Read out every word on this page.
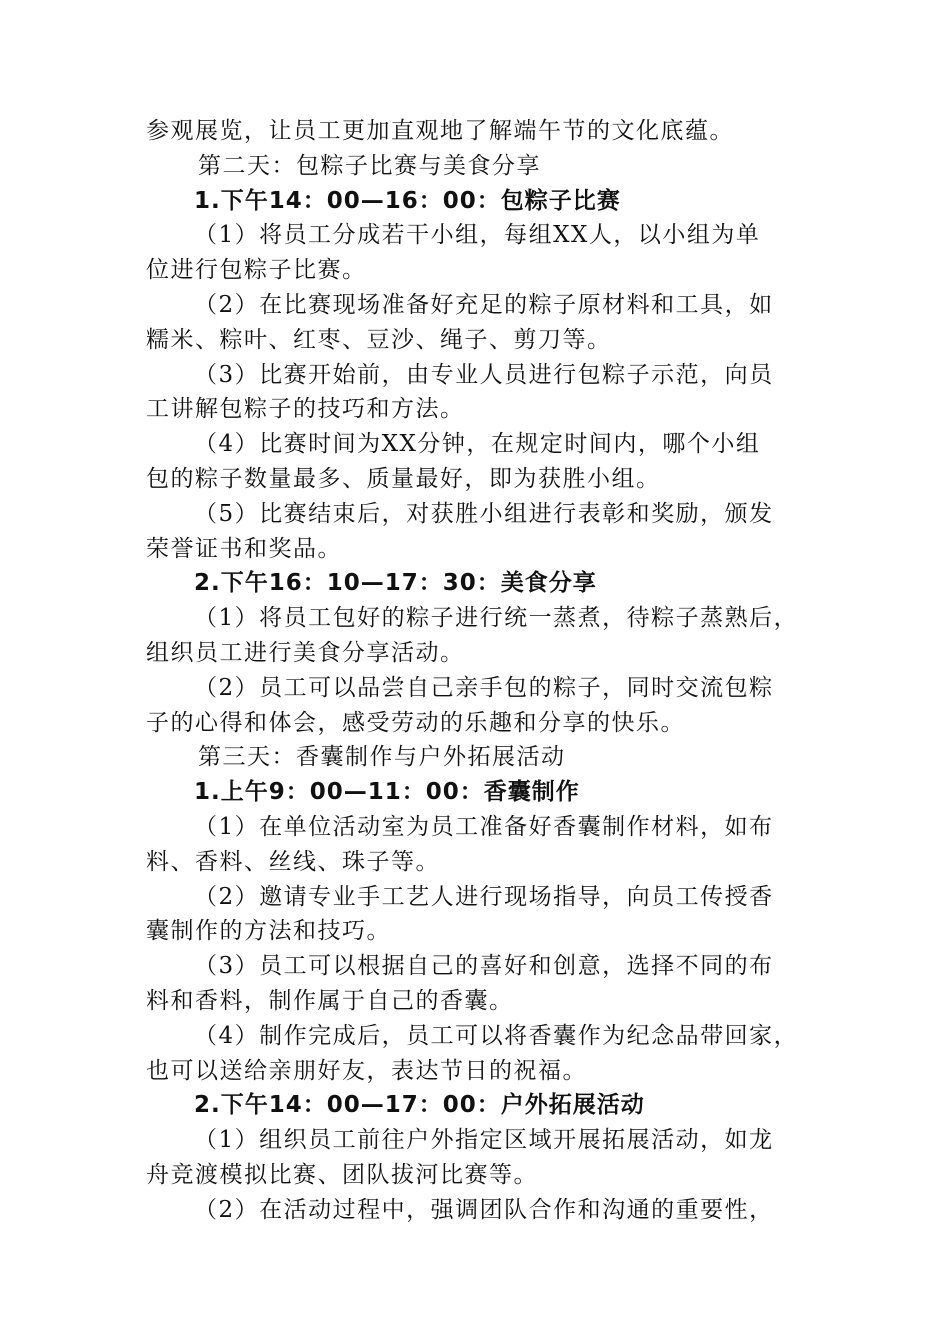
参观展览，让员工更加直观地了解端午节的文化底蕴。
第二天：包粽子比赛与美食分享
1.下午14：00—16：00：包粽子比赛
（1）将员工分成若干小组，每组XX人，以小组为单
位进行包粽子比赛。
（2）在比赛现场准备好充足的粽子原材料和工具，如
糯米、粽叶、红枣、豆沙、绳子、剪刀等。
（3）比赛开始前，由专业人员进行包粽子示范，向员
工讲解包粽子的技巧和方法。
（4）比赛时间为XX分钟，在规定时间内，哪个小组
包的粽子数量最多、质量最好，即为获胜小组。
（5）比赛结束后，对获胜小组进行表彰和奖励，颁发
荣誉证书和奖品。
2.下午16：10—17：30：美食分享
（1）将员工包好的粽子进行统一蒸煮，待粽子蒸熟后，
组织员工进行美食分享活动。
（2）员工可以品尝自己亲手包的粽子，同时交流包粽
子的心得和体会，感受劳动的乐趣和分享的快乐。
第三天：香囊制作与户外拓展活动
1.上午9：00—11：00：香囊制作
（1）在单位活动室为员工准备好香囊制作材料，如布
料、香料、丝线、珠子等。
（2）邀请专业手工艺人进行现场指导，向员工传授香
囊制作的方法和技巧。
（3）员工可以根据自己的喜好和创意，选择不同的布
料和香料，制作属于自己的香囊。
（4）制作完成后，员工可以将香囊作为纪念品带回家，
也可以送给亲朋好友，表达节日的祝福。
2.下午14：00—17：00：户外拓展活动
（1）组织员工前往户外指定区域开展拓展活动，如龙
舟竞渡模拟比赛、团队拔河比赛等。
（2）在活动过程中，强调团队合作和沟通的重要性，
